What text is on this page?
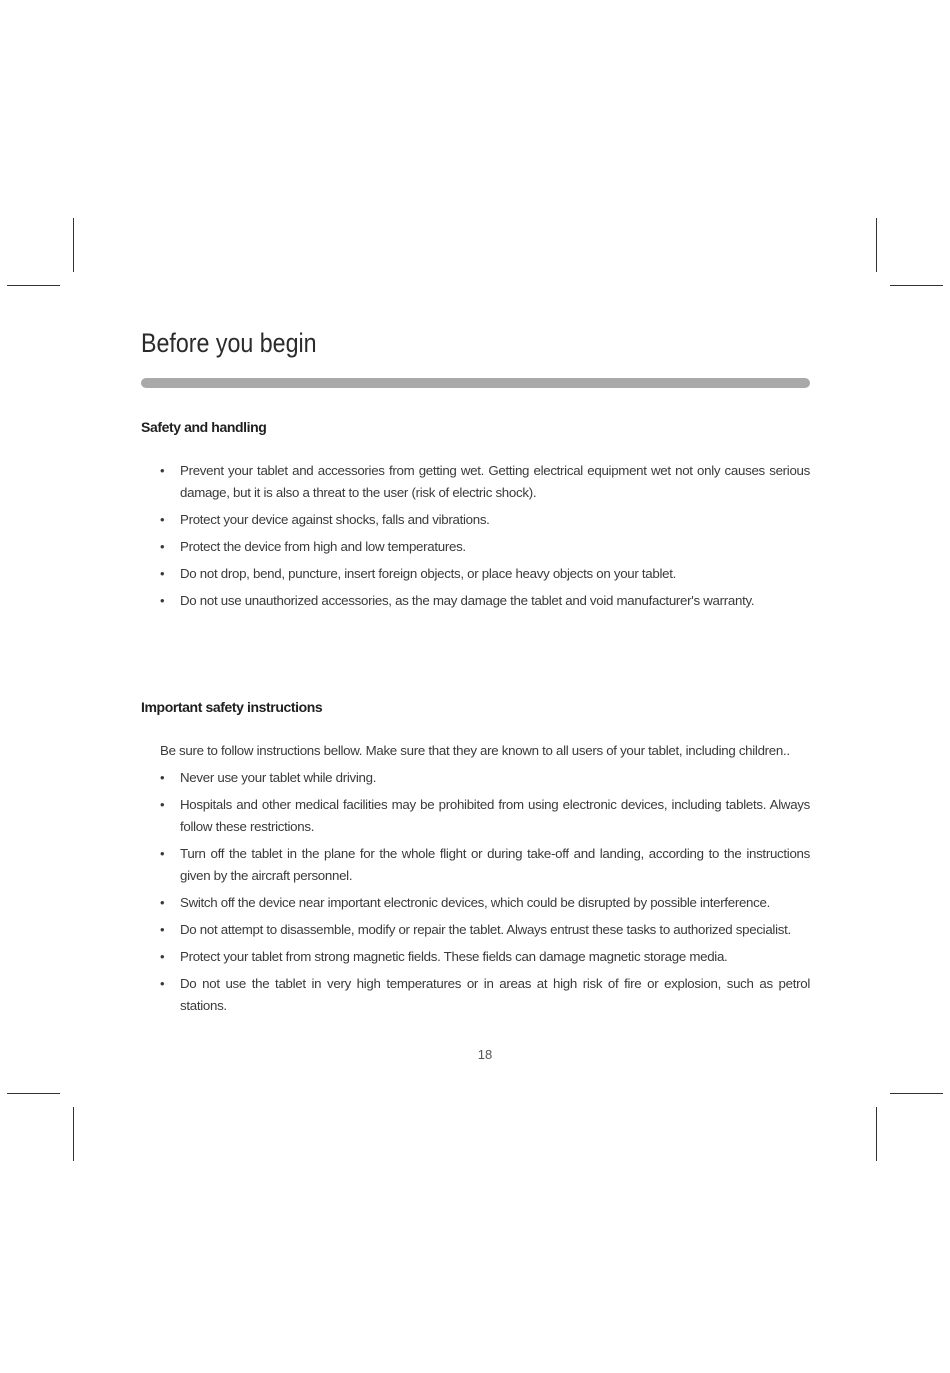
Before you begin
Safety and handling
• Prevent your tablet and accessories from getting wet. Getting electrical equipment wet not only causes serious damage, but it is also a threat to the user (risk of electric shock).
• Protect your device against shocks, falls and vibrations.
• Protect the device from high and low temperatures.
• Do not drop, bend, puncture, insert foreign objects, or place heavy objects on your tablet.
• Do not use unauthorized accessories, as the may damage the tablet and void manufacturer's warranty.
Important safety instructions
Be sure to follow instructions bellow. Make sure that they are known to all users of your tablet, including children..
• Never use your tablet while driving.
• Hospitals and other medical facilities may be prohibited from using electronic devices, including tablets. Always follow these restrictions.
• Turn off the tablet in the plane for the whole flight or during take-off and landing, according to the instructions given by the aircraft personnel.
• Switch off the device near important electronic devices, which could be disrupted by possible interference.
• Do not attempt to disassemble, modify or repair the tablet. Always entrust these tasks to authorized specialist.
• Protect your tablet from strong magnetic fields. These fields can damage magnetic storage media.
• Do not use the tablet in very high temperatures or in areas at high risk of fire or explosion, such as petrol stations.
18
